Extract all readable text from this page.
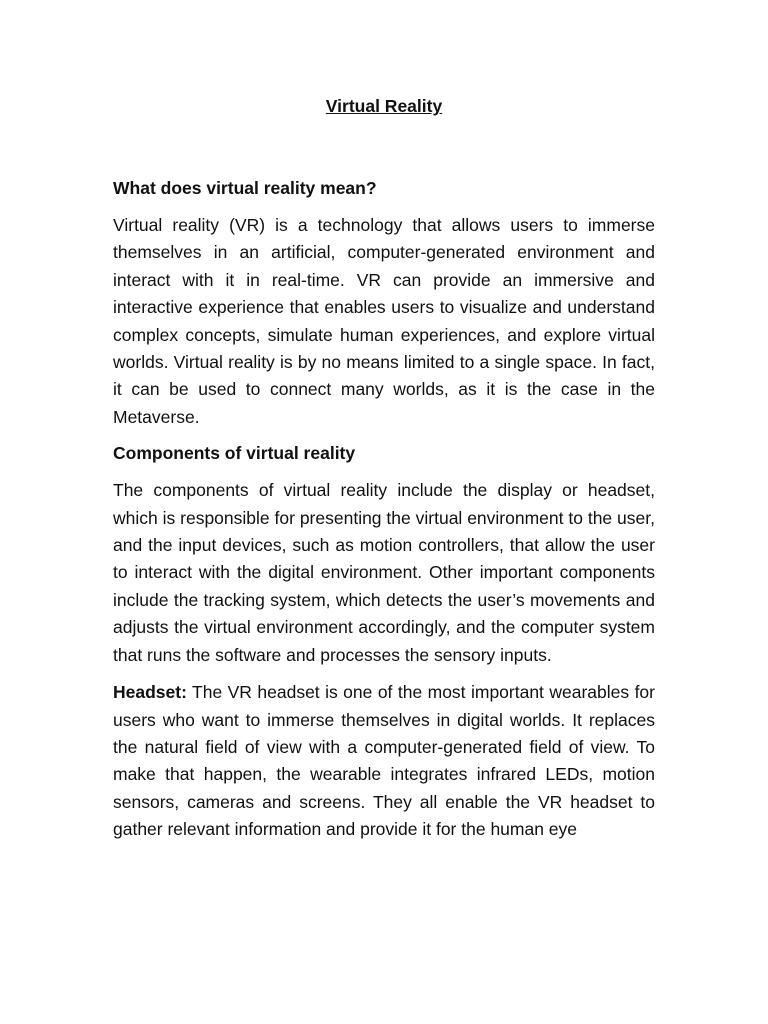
Virtual Reality
What does virtual reality mean?

Virtual reality (VR) is a technology that allows users to immerse themselves in an artificial, computer-generated environment and interact with it in real-time. VR can provide an immersive and interactive experience that enables users to visualize and understand complex concepts, simulate human experiences, and explore virtual worlds. Virtual reality is by no means limited to a single space. In fact, it can be used to connect many worlds, as it is the case in the Metaverse.

Components of virtual reality

The components of virtual reality include the display or headset, which is responsible for presenting the virtual environment to the user, and the input devices, such as motion controllers, that allow the user to interact with the digital environment. Other important components include the tracking system, which detects the user’s movements and adjusts the virtual environment accordingly, and the computer system that runs the software and processes the sensory inputs.

Headset: The VR headset is one of the most important wearables for users who want to immerse themselves in digital worlds. It replaces the natural field of view with a computer-generated field of view. To make that happen, the wearable integrates infrared LEDs, motion sensors, cameras and screens. They all enable the VR headset to gather relevant information and provide it for the human eye
